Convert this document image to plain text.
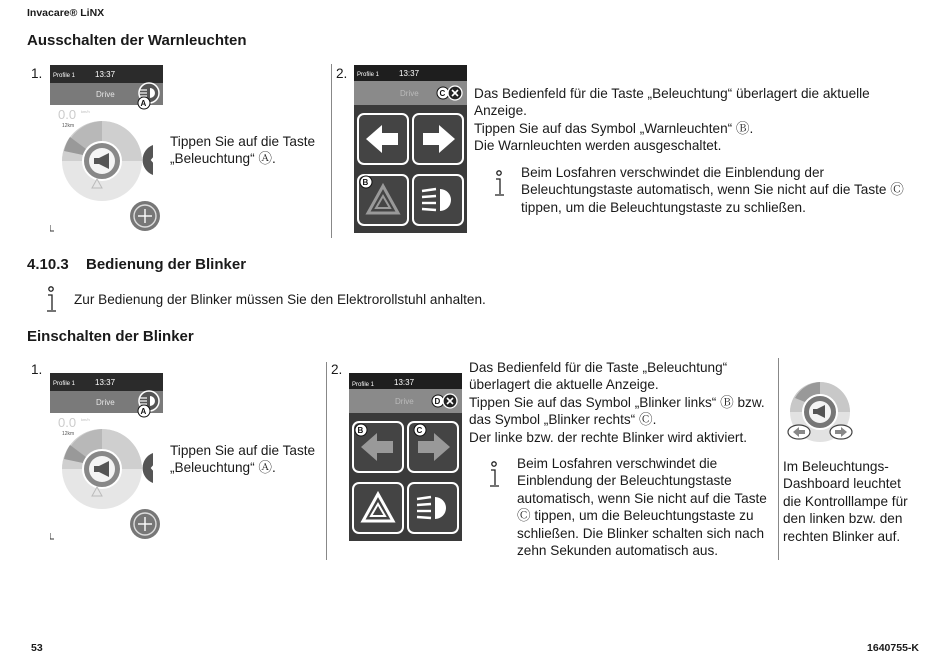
Invacare® LiNX
Ausschalten der Warnleuchten
1. Profile 1 13:37
Drive
A
0.0 km/h
12km
Tippen Sie auf die Taste
„Beleuchtung“ Ⓐ.
2. Profile 1 13:37
Drive	C
B
Das Bedienfeld für die Taste „Beleuchtung“ überlagert die aktuelle
Anzeige.
Tippen Sie auf das Symbol „Warnleuchten“ Ⓑ.
Die Warnleuchten werden ausgeschaltet.
Beim Losfahren verschwindet die Einblendung der
Beleuchtungstaste automatisch, wenn Sie nicht auf die Taste Ⓒ
tippen, um die Beleuchtungstaste zu schließen.
4.10.3 Bedienung der Blinker
Zur Bedienung der Blinker müssen Sie den Elektrorollstuhl anhalten.
Einschalten der Blinker
1.
Profile 1 13:37
Drive
A
0.0 km/h
12km
Tippen Sie auf die Taste
„Beleuchtung“ Ⓐ.
2.
Profile 1 13:37
Drive	D
B	C
Das Bedienfeld für die Taste „Beleuchtung“
überlagert die aktuelle Anzeige.
Tippen Sie auf das Symbol „Blinker links“ Ⓑ bzw.
das Symbol „Blinker rechts“ Ⓒ.
Der linke bzw. der rechte Blinker wird aktiviert.
Beim Losfahren verschwindet die
Einblendung der Beleuchtungstaste
automatisch, wenn Sie nicht auf die Taste
Ⓒ tippen, um die Beleuchtungstaste zu
schließen. Die Blinker schalten sich nach
zehn Sekunden automatisch aus.
Im Beleuchtungs-
Dashboard leuchtet
die Kontrolllampe für
den linken bzw. den
rechten Blinker auf.
53	1640755-K
